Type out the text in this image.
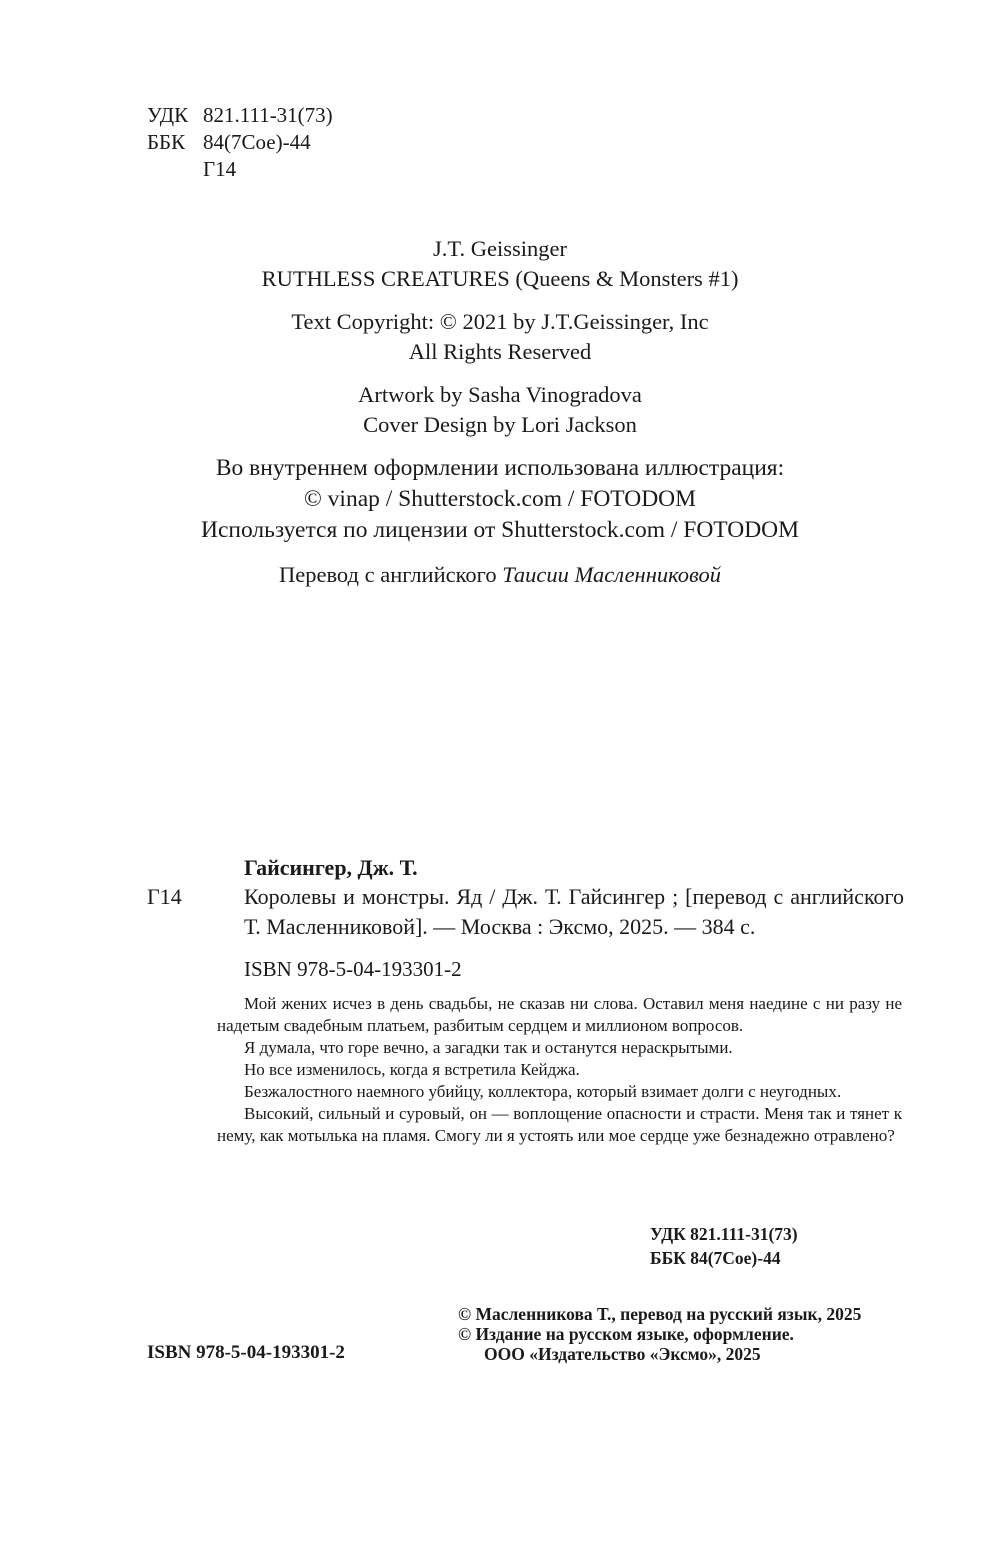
УДК 821.111-31(73)
ББК 84(7Сое)-44
Г14
J.T. Geissinger
RUTHLESS CREATURES (Queens & Monsters #1)
Text Copyright: © 2021 by J.T.Geissinger, Inc
All Rights Reserved
Artwork by Sasha Vinogradova
Cover Design by Lori Jackson
Во внутреннем оформлении использована иллюстрация:
© vinap / Shutterstock.com / FOTODOM
Используется по лицензии от Shutterstock.com / FOTODOM
Перевод с английского Таисии Масленниковой
Гайсингер, Дж. Т.
Г14	Королевы и монстры. Яд / Дж. Т. Гайсингер ; [перевод с английского Т. Масленниковой]. — Москва : Эксмо, 2025. — 384 с.
ISBN 978-5-04-193301-2

Мой жених исчез в день свадьбы, не сказав ни слова. Оставил меня наедине с ни разу не надетым свадебным платьем, разбитым сердцем и миллионом вопросов.

Я думала, что горе вечно, а загадки так и останутся нераскрытыми.

Но все изменилось, когда я встретила Кейджа.

Безжалостного наемного убийцу, коллектора, который взимает долги с неугодных.

Высокий, сильный и суровый, он — воплощение опасности и страсти. Меня так и тянет к нему, как мотылька на пламя. Смогу ли я устоять или мое сердце уже безнадежно отравлено?

УДК 821.111-31(73)
ББК 84(7Сое)-44
© Масленникова Т., перевод на русский язык, 2025
© Издание на русском языке, оформление.
ООО «Издательство «Эксмо», 2025
ISBN 978-5-04-193301-2
